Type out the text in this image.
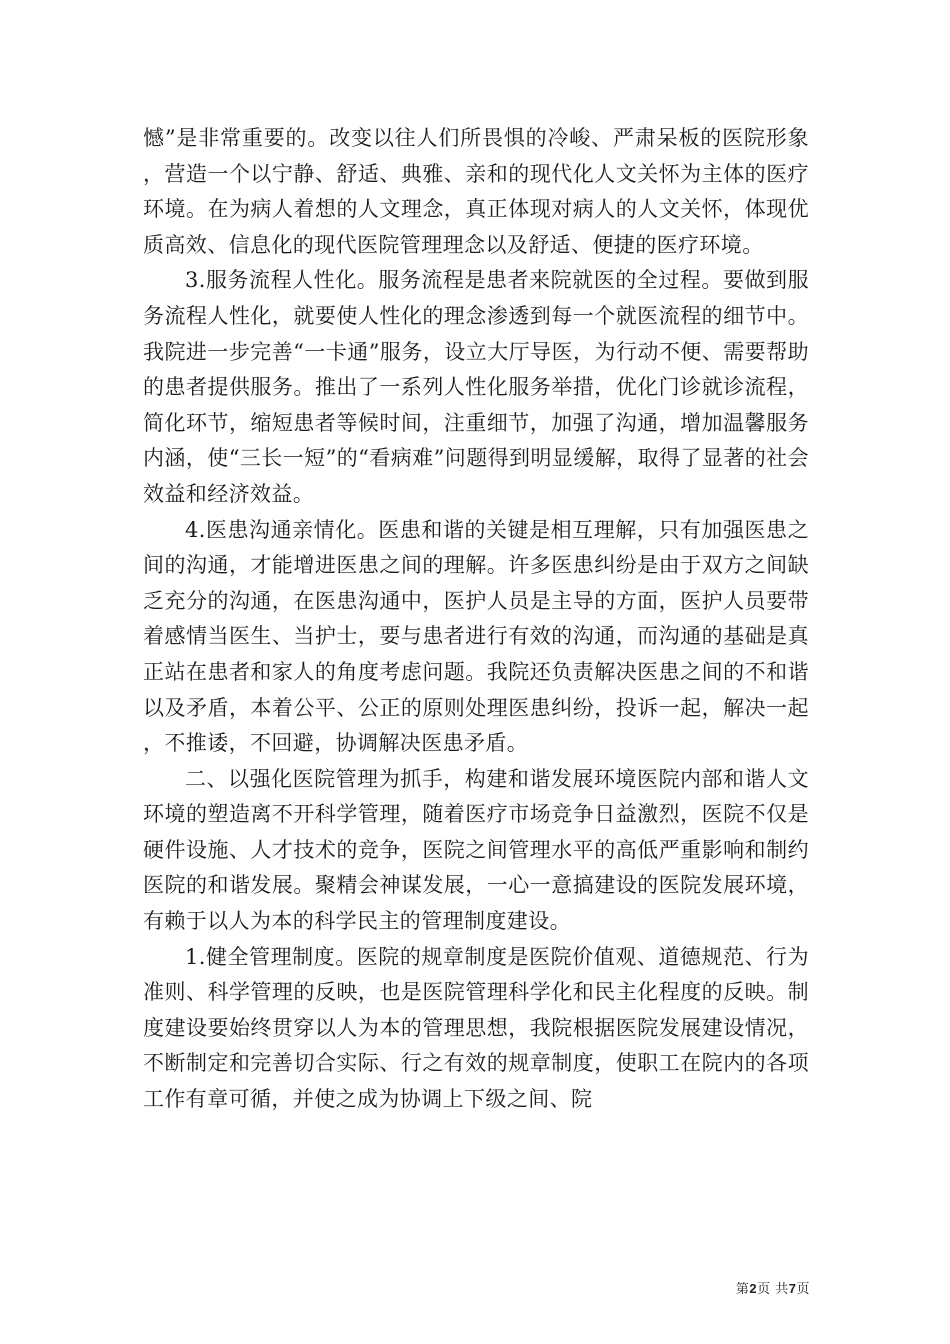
憾”是非常重要的。改变以往人们所畏惧的冷峻、严肃呆板的医院形象，营造一个以宁静、舒适、典雅、亲和的现代化人文关怀为主体的医疗环境。在为病人着想的人文理念，真正体现对病人的人文关怀，体现优质高效、信息化的现代医院管理理念以及舒适、便捷的医疗环境。

3.服务流程人性化。服务流程是患者来院就医的全过程。要做到服务流程人性化，就要使人性化的理念渗透到每一个就医流程的细节中。我院进一步完善“一卡通”服务，设立大厅导医，为行动不便、需要帮助的患者提供服务。推出了一系列人性化服务举措，优化门诊就诊流程，简化环节，缩短患者等候时间，注重细节，加强了沟通，增加温馨服务内涵，使“三长一短”的“看病难”问题得到明显缓解，取得了显著的社会效益和经济效益。

4.医患沟通亲情化。医患和谐的关键是相互理解，只有加强医患之间的沟通，才能增进医患之间的理解。许多医患纠纷是由于双方之间缺乏充分的沟通，在医患沟通中，医护人员是主导的方面，医护人员要带着感情当医生、当护士，要与患者进行有效的沟通，而沟通的基础是真正站在患者和家人的角度考虑问题。我院还负责解决医患之间的不和谐以及矛盾，本着公平、公正的原则处理医患纠纷，投诉一起，解决一起，不推诿，不回避，协调解决医患矛盾。

二、以强化医院管理为抓手，构建和谐发展环境医院内部和谐人文环境的塑造离不开科学管理，随着医疗市场竞争日益激烈，医院不仅是硬件设施、人才技术的竞争，医院之间管理水平的高低严重影响和制约医院的和谐发展。聚精会神谋发展，一心一意搞建设的医院发展环境，有赖于以人为本的科学民主的管理制度建设。

1.健全管理制度。医院的规章制度是医院价值观、道德规范、行为准则、科学管理的反映，也是医院管理科学化和民主化程度的反映。制度建设要始终贯穿以人为本的管理思想，我院根据医院发展建设情况，不断制定和完善切合实际、行之有效的规章制度，使职工在院内的各项工作有章可循，并使之成为协调上下级之间、院

第2页 共7页
